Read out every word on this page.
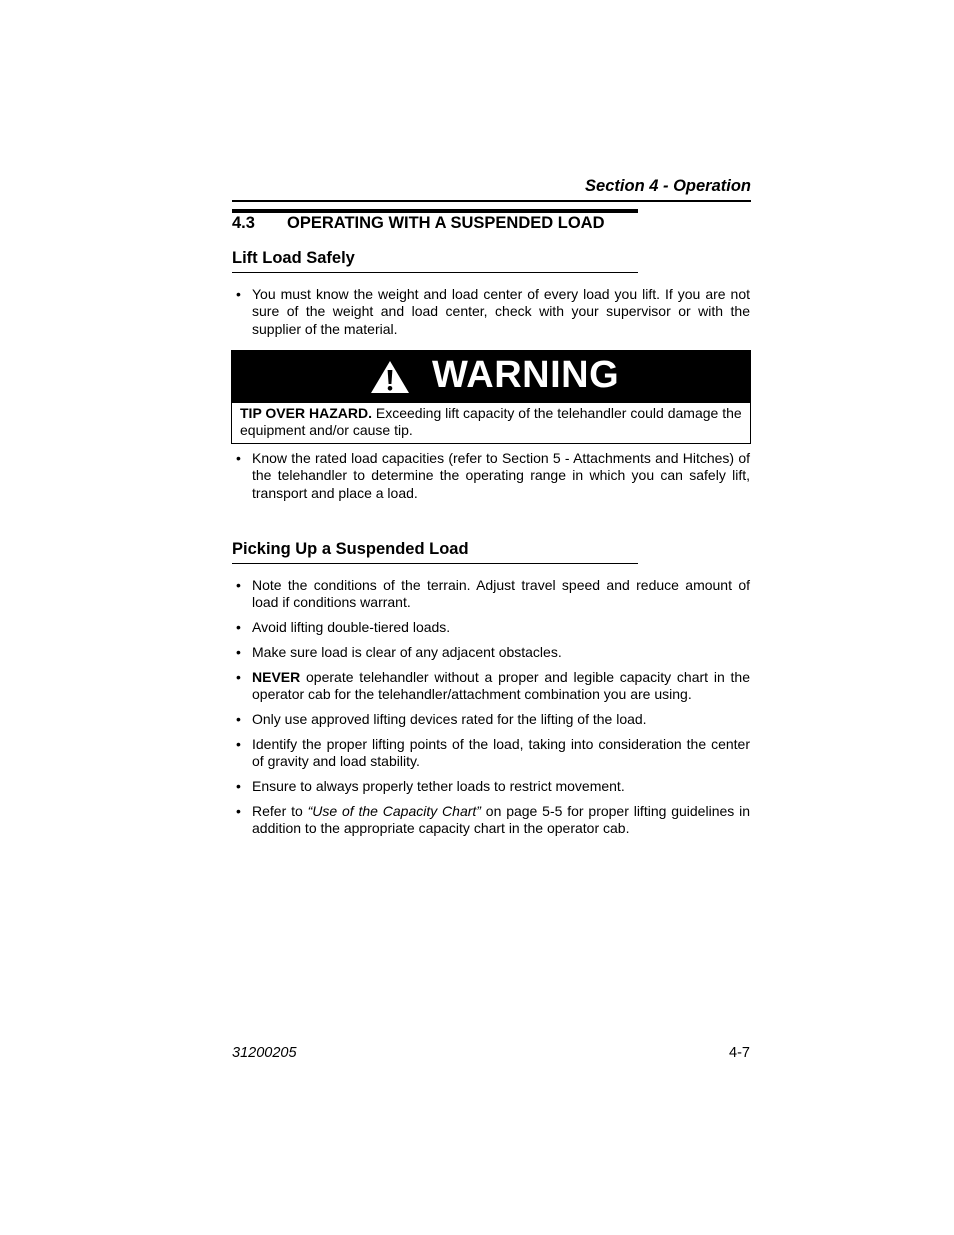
Section 4 - Operation
4.3 OPERATING WITH A SUSPENDED LOAD
Lift Load Safely
• You must know the weight and load center of every load you lift. If you are not sure of the weight and load center, check with your supervisor or with the supplier of the material.
WARNING
TIP OVER HAZARD. Exceeding lift capacity of the telehandler could damage the equipment and/or cause tip.
• Know the rated load capacities (refer to Section 5 - Attachments and Hitches) of the telehandler to determine the operating range in which you can safely lift, transport and place a load.
Picking Up a Suspended Load
• Note the conditions of the terrain. Adjust travel speed and reduce amount of load if conditions warrant.
• Avoid lifting double-tiered loads.
• Make sure load is clear of any adjacent obstacles.
• NEVER operate telehandler without a proper and legible capacity chart in the operator cab for the telehandler/attachment combination you are using.
• Only use approved lifting devices rated for the lifting of the load.
• Identify the proper lifting points of the load, taking into consideration the center of gravity and load stability.
• Ensure to always properly tether loads to restrict movement.
• Refer to “Use of the Capacity Chart” on page 5-5 for proper lifting guidelines in addition to the appropriate capacity chart in the operator cab.
31200205	4-7
